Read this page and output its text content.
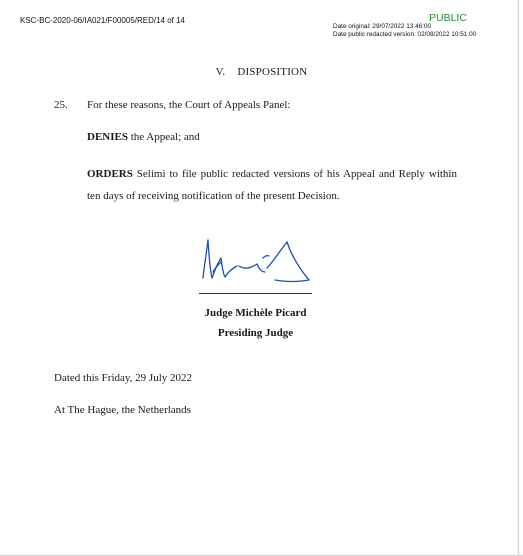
KSC-BC-2020-06/IA021/F00005/RED/14 of 14	PUBLIC
Date original: 29/07/2022 13:46:00
Date public redacted version: 02/08/2022 10:51:00
V. DISPOSITION
25. For these reasons, the Court of Appeals Panel:
DENIES the Appeal; and
ORDERS Selimi to file public redacted versions of his Appeal and Reply within ten days of receiving notification of the present Decision.
Judge Michèle Picard
Presiding Judge
Dated this Friday, 29 July 2022
At The Hague, the Netherlands
